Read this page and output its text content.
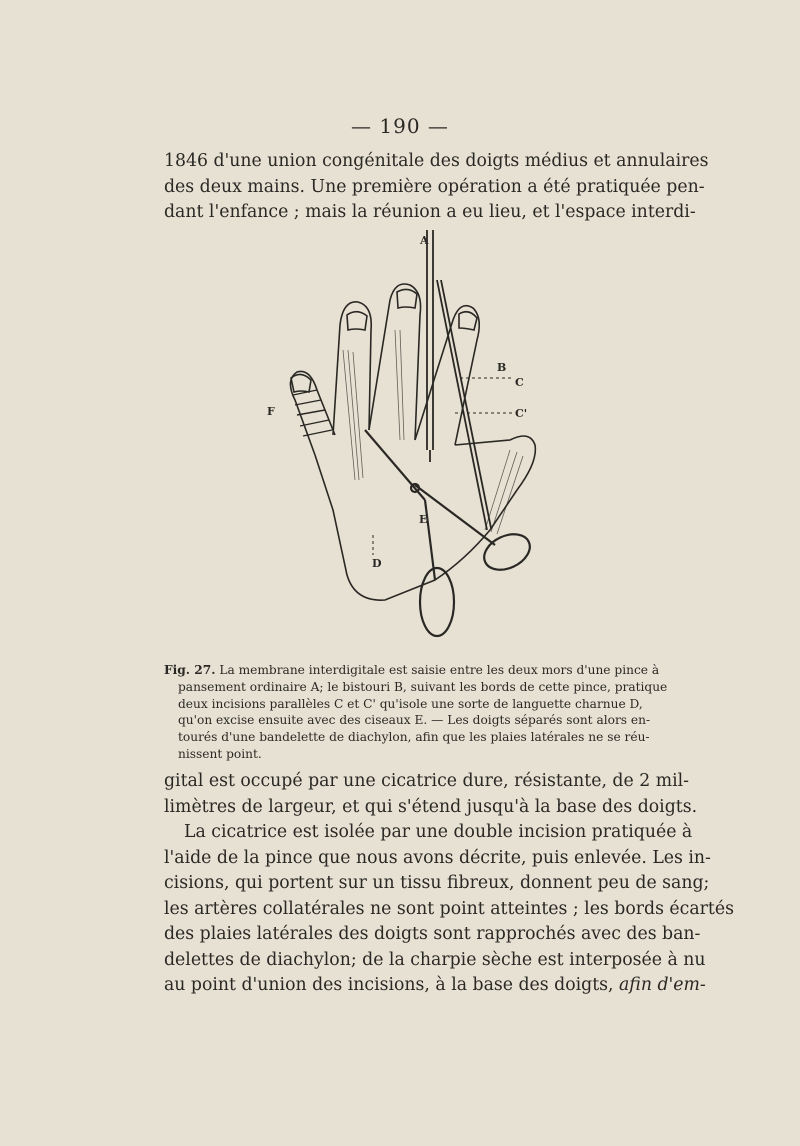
— 190 —
1846 d'une union congénitale des doigts médius et annulaires
des deux mains. Une première opération a été pratiquée pen-
dant l'enfance ; mais la réunion a eu lieu, et l'espace interdi-
A
B
C
C'
D
E
F
Fig. 27. La membrane interdigitale est saisie entre les deux mors d'une pince à
pansement ordinaire A; le bistouri B, suivant les bords de cette pince, pratique
deux incisions parallèles C et C' qu'isole une sorte de languette charnue D,
qu'on excise ensuite avec des ciseaux E. — Les doigts séparés sont alors en-
tourés d'une bandelette de diachylon, afin que les plaies latérales ne se réu-
nissent point.
gital est occupé par une cicatrice dure, résistante, de 2 mil-
limètres de largeur, et qui s'étend jusqu'à la base des doigts.
La cicatrice est isolée par une double incision pratiquée à
l'aide de la pince que nous avons décrite, puis enlevée. Les in-
cisions, qui portent sur un tissu fibreux, donnent peu de sang;
les artères collatérales ne sont point atteintes ; les bords écartés
des plaies latérales des doigts sont rapprochés avec des ban-
delettes de diachylon; de la charpie sèche est interposée à nu
au point d'union des incisions, à la base des doigts, afin d'em-
